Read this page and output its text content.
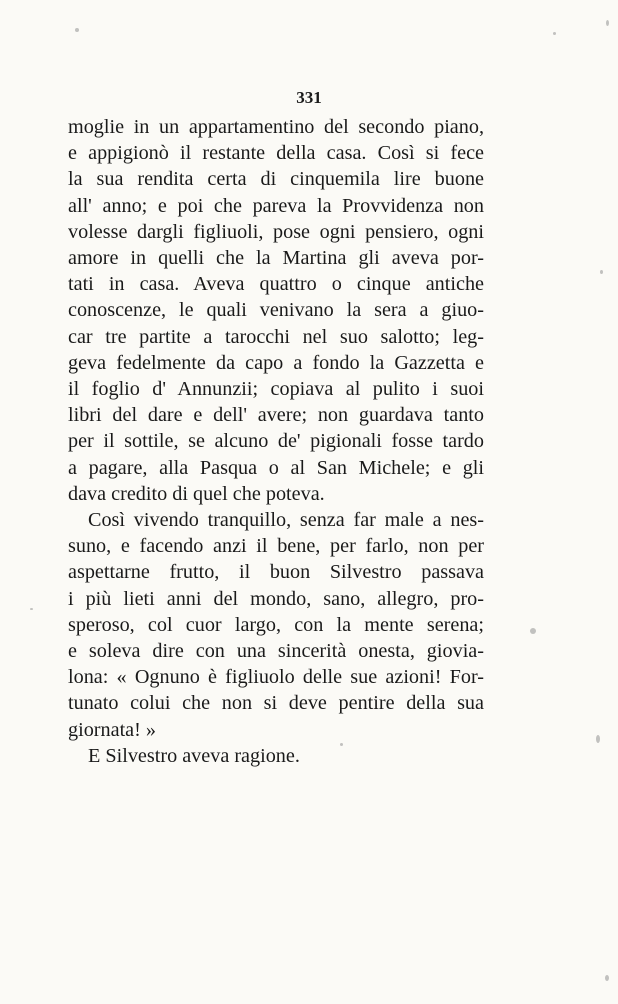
331
moglie in un appartamentino del secondo piano,
e appigionò il restante della casa. Così si fece
la sua rendita certa di cinquemila lire buone
all' anno; e poi che pareva la Provvidenza non
volesse dargli figliuoli, pose ogni pensiero, ogni
amore in quelli che la Martina gli aveva por-
tati in casa. Aveva quattro o cinque antiche
conoscenze, le quali venivano la sera a giuo-
car tre partite a tarocchi nel suo salotto; leg-
geva fedelmente da capo a fondo la Gazzetta e
il foglio d' Annunzii; copiava al pulito i suoi
libri del dare e dell' avere; non guardava tanto
per il sottile, se alcuno de' pigionali fosse tardo
a pagare, alla Pasqua o al San Michele; e gli
dava credito di quel che poteva.
Così vivendo tranquillo, senza far male a nes-
suno, e facendo anzi il bene, per farlo, non per
aspettarne frutto, il buon Silvestro passava
i più lieti anni del mondo, sano, allegro, pro-
speroso, col cuor largo, con la mente serena;
e soleva dire con una sincerità onesta, giovia-
lona: « Ognuno è figliuolo delle sue azioni! For-
tunato colui che non si deve pentire della sua
giornata! »
E Silvestro aveva ragione.
